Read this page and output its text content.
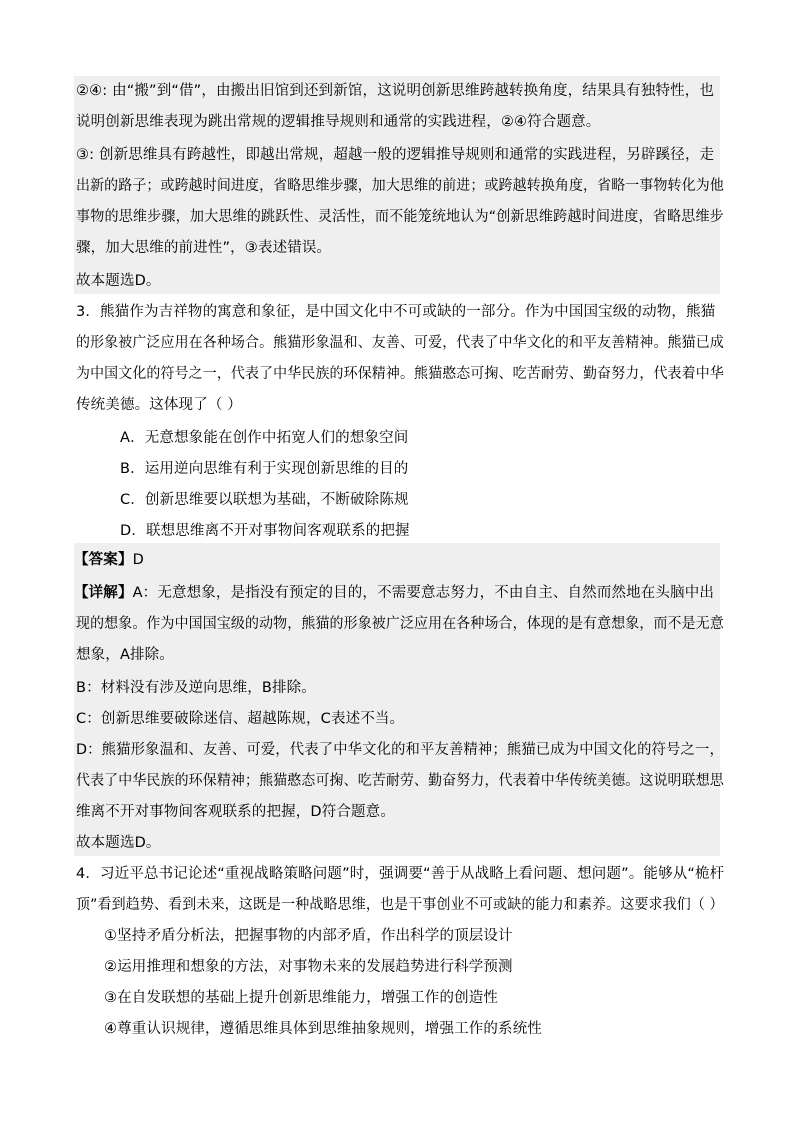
②④: 由“搬”到“借”，由搬出旧馆到还到新馆，这说明创新思维跨越转换角度，结果具有独特性，也
说明创新思维表现为跳出常规的逻辑推导规则和通常的实践进程，②④符合题意。
③: 创新思维具有跨越性，即越出常规，超越一般的逻辑推导规则和通常的实践进程，另辟蹊径，走
出新的路子；或跨越时间进度，省略思维步骤，加大思维的前进；或跨越转换角度，省略一事物转化为他
事物的思维步骤，加大思维的跳跃性、灵活性，而不能笼统地认为“创新思维跨越时间进度，省略思维步
骤，加大思维的前进性”，③表述错误。
故本题选D。
3．熊猫作为吉祥物的寓意和象征，是中国文化中不可或缺的一部分。作为中国国宝级的动物，熊猫
的形象被广泛应用在各种场合。熊猫形象温和、友善、可爱，代表了中华文化的和平友善精神。熊猫已成
为中国文化的符号之一，代表了中华民族的环保精神。熊猫憨态可掬、吃苦耐劳、勤奋努力，代表着中华
传统美德。这体现了（ ）
A．无意想象能在创作中拓宽人们的想象空间
B．运用逆向思维有利于实现创新思维的目的
C．创新思维要以联想为基础，不断破除陈规
D．联想思维离不开对事物间客观联系的把握
【答案】D
【详解】A：无意想象，是指没有预定的目的，不需要意志努力，不由自主、自然而然地在头脑中出
现的想象。作为中国国宝级的动物，熊猫的形象被广泛应用在各种场合，体现的是有意想象，而不是无意
想象，A排除。
B：材料没有涉及逆向思维，B排除。
C：创新思维要破除迷信、超越陈规，C表述不当。
D：熊猫形象温和、友善、可爱，代表了中华文化的和平友善精神；熊猫已成为中国文化的符号之一，
代表了中华民族的环保精神；熊猫憨态可掬、吃苦耐劳、勤奋努力，代表着中华传统美德。这说明联想思
维离不开对事物间客观联系的把握，D符合题意。
故本题选D。
4．习近平总书记论述“重视战略策略问题”时，强调要“善于从战略上看问题、想问题”。能够从“桅杆
顶”看到趋势、看到未来，这既是一种战略思维，也是干事创业不可或缺的能力和素养。这要求我们（ ）
①坚持矛盾分析法，把握事物的内部矛盾，作出科学的顶层设计
②运用推理和想象的方法，对事物未来的发展趋势进行科学预测
③在自发联想的基础上提升创新思维能力，增强工作的创造性
④尊重认识规律，遵循思维具体到思维抽象规则，增强工作的系统性
